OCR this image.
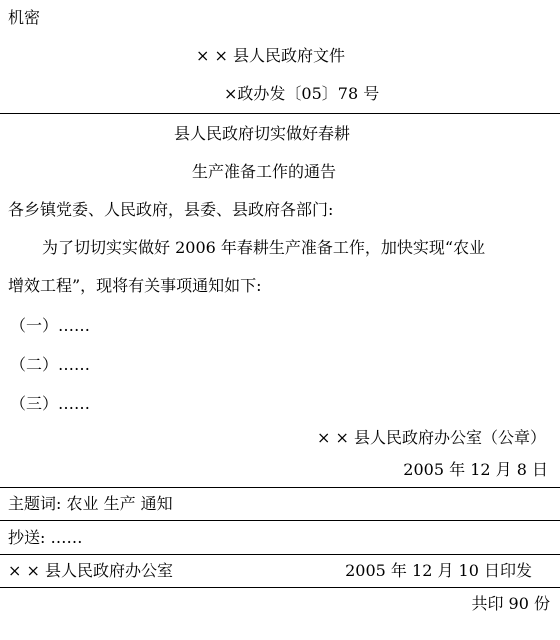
机密
× × 县人民政府文件
×政办发〔05〕78 号
县人民政府切实做好春耕
生产准备工作的通告
各乡镇党委、人民政府，县委、县政府各部门:
为了切切实实做好 2006 年春耕生产准备工作，加快实现“农业
增效工程”，现将有关事项通知如下:
（一）……
（二）……
（三）……
× × 县人民政府办公室（公章）
2005 年 12 月 8 日
主题词: 农业 生产 通知
抄送: ……
× × 县人民政府办公室	2005 年 12 月 10 日印发
共印 90 份
